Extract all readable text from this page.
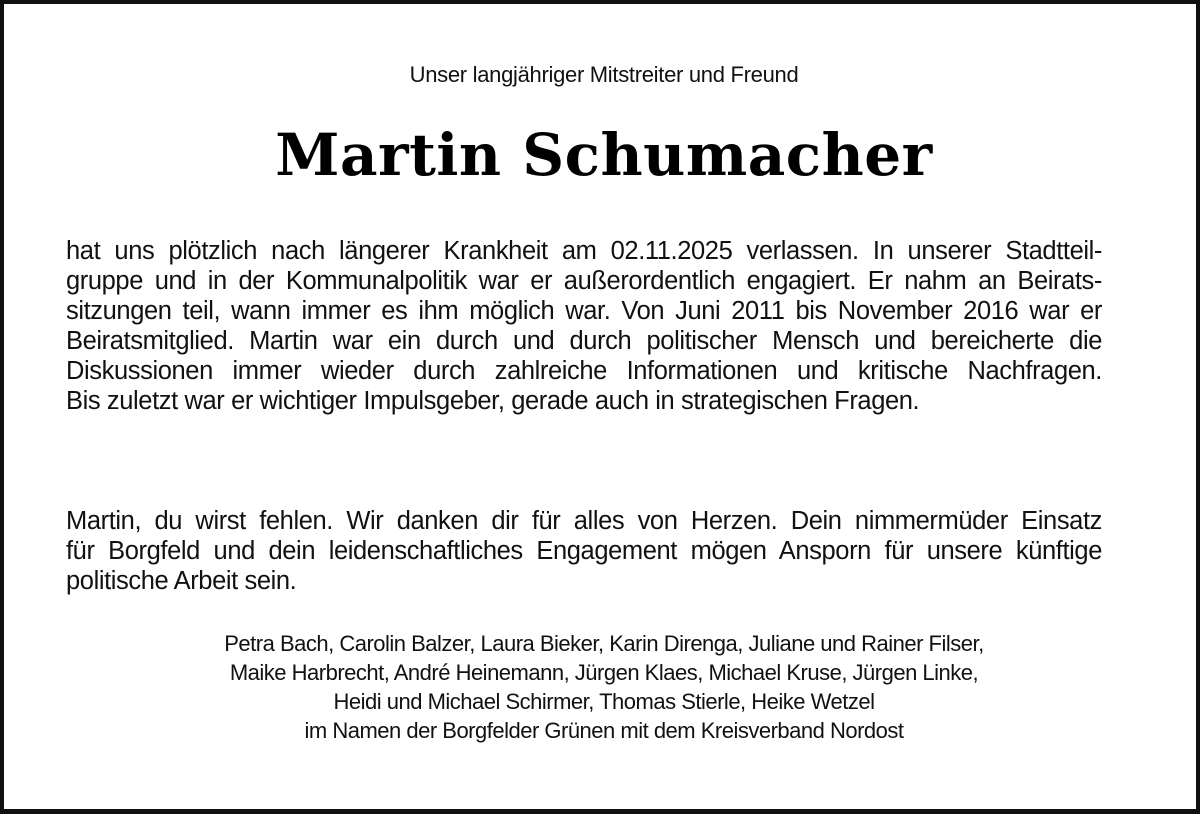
Unser langjähriger Mitstreiter und Freund
Martin Schumacher
hat uns plötzlich nach längerer Krankheit am 02.11.2025 verlassen. In unserer Stadtteil-
gruppe und in der Kommunalpolitik war er außerordentlich engagiert. Er nahm an Beirats-
sitzungen teil, wann immer es ihm möglich war. Von Juni 2011 bis November 2016 war er
Beiratsmitglied. Martin war ein durch und durch politischer Mensch und bereicherte die
Diskussionen immer wieder durch zahlreiche Informationen und kritische Nachfragen.
Bis zuletzt war er wichtiger Impulsgeber, gerade auch in strategischen Fragen.
Martin, du wirst fehlen. Wir danken dir für alles von Herzen. Dein nimmermüder Einsatz
für Borgfeld und dein leidenschaftliches Engagement mögen Ansporn für unsere künftige
politische Arbeit sein.
Petra Bach, Carolin Balzer, Laura Bieker, Karin Direnga, Juliane und Rainer Filser,
Maike Harbrecht, André Heinemann, Jürgen Klaes, Michael Kruse, Jürgen Linke,
Heidi und Michael Schirmer, Thomas Stierle, Heike Wetzel
im Namen der Borgfelder Grünen mit dem Kreisverband Nordost
